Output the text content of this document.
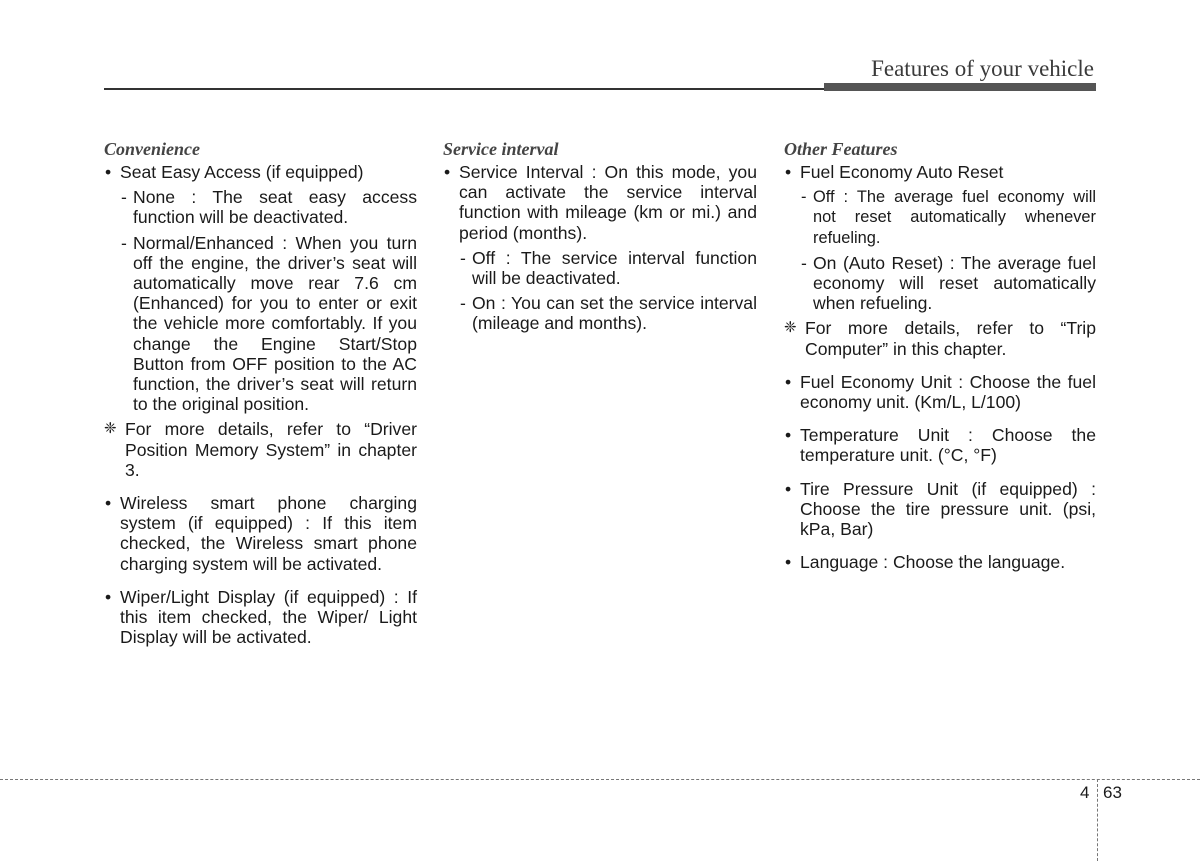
Features of your vehicle
Convenience
• Seat Easy Access (if equipped)
- None : The seat easy access function will be deactivated.
- Normal/Enhanced : When you turn off the engine, the driver’s seat will automatically move rear 7.6 cm (Enhanced) for you to enter or exit the vehicle more comfortably. If you change the Engine Start/Stop Button from OFF position to the AC function, the driver’s seat will return to the original position.
❈ For more details, refer to “Driver Position Memory System” in chapter 3.
• Wireless smart phone charging system (if equipped) : If this item checked, the Wireless smart phone charging system will be activated.
• Wiper/Light Display (if equipped) : If this item checked, the Wiper/ Light Display will be activated.
Service interval
• Service Interval : On this mode, you can activate the service interval function with mileage (km or mi.) and period (months).
- Off : The service interval function will be deactivated.
- On : You can set the service interval (mileage and months).
Other Features
• Fuel Economy Auto Reset
- Off : The average fuel economy will not reset automatically whenever refueling.
- On (Auto Reset) : The average fuel economy will reset automatically when refueling.
❈ For more details, refer to “Trip Computer” in this chapter.
• Fuel Economy Unit : Choose the fuel economy unit. (Km/L, L/100)
• Temperature Unit : Choose the temperature unit. (°C, °F)
• Tire Pressure Unit (if equipped) : Choose the tire pressure unit. (psi, kPa, Bar)
• Language : Choose the language.
4 63
